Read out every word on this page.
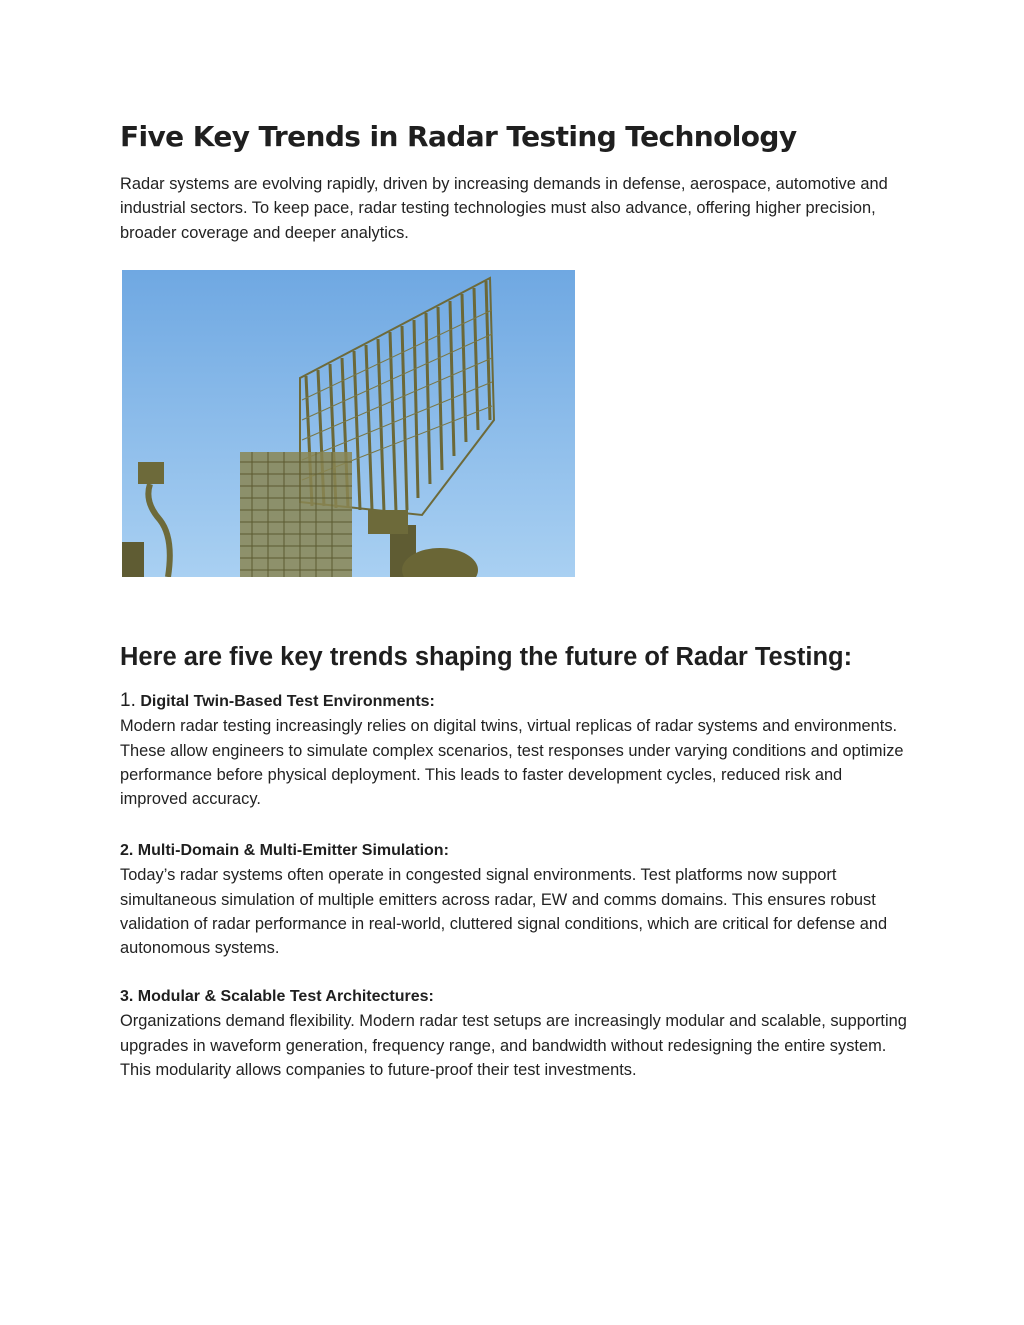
Five Key Trends in Radar Testing Technology

Radar systems are evolving rapidly, driven by increasing demands in defense, aerospace, automotive and industrial sectors. To keep pace, radar testing technologies must also advance, offering higher precision, broader coverage and deeper analytics.

Here are five key trends shaping the future of Radar Testing:

1. Digital Twin-Based Test Environments:

Modern radar testing increasingly relies on digital twins, virtual replicas of radar systems and environments. These allow engineers to simulate complex scenarios, test responses under varying conditions and optimize performance before physical deployment. This leads to faster development cycles, reduced risk and improved accuracy.

2. Multi-Domain & Multi-Emitter Simulation:

Today’s radar systems often operate in congested signal environments. Test platforms now support simultaneous simulation of multiple emitters across radar, EW and comms domains. This ensures robust validation of radar performance in real-world, cluttered signal conditions, which are critical for defense and autonomous systems.

3. Modular & Scalable Test Architectures:

Organizations demand flexibility. Modern radar test setups are increasingly modular and scalable, supporting upgrades in waveform generation, frequency range, and bandwidth without redesigning the entire system. This modularity allows companies to future-proof their test investments.
